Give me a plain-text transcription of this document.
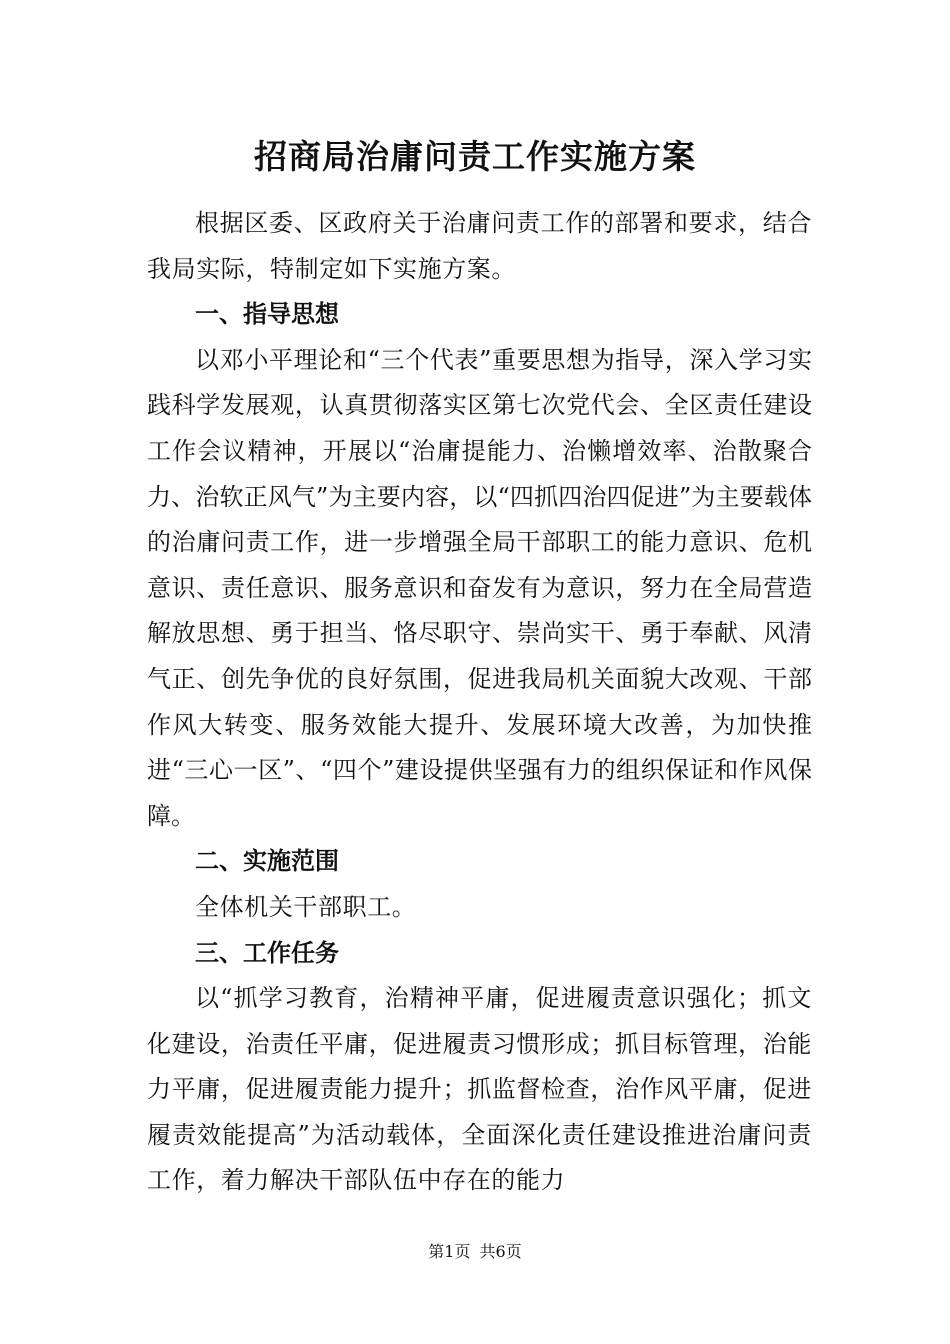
招商局治庸问责工作实施方案

根据区委、区政府关于治庸问责工作的部署和要求，结合我局实际，特制定如下实施方案。

一、指导思想

以邓小平理论和“三个代表”重要思想为指导，深入学习实践科学发展观，认真贯彻落实区第七次党代会、全区责任建设工作会议精神，开展以“治庸提能力、治懒增效率、治散聚合力、治软正风气”为主要内容，以“四抓四治四促进”为主要载体的治庸问责工作，进一步增强全局干部职工的能力意识、危机意识、责任意识、服务意识和奋发有为意识，努力在全局营造解放思想、勇于担当、恪尽职守、崇尚实干、勇于奉献、风清气正、创先争优的良好氛围，促进我局机关面貌大改观、干部作风大转变、服务效能大提升、发展环境大改善，为加快推进“三心一区”、“四个”建设提供坚强有力的组织保证和作风保障。

二、实施范围

全体机关干部职工。

三、工作任务

以“抓学习教育，治精神平庸，促进履责意识强化；抓文化建设，治责任平庸，促进履责习惯形成；抓目标管理，治能力平庸，促进履责能力提升；抓监督检查，治作风平庸，促进履责效能提高”为活动载体，全面深化责任建设推进治庸问责工作，着力解决干部队伍中存在的能力

第1页 共6页
